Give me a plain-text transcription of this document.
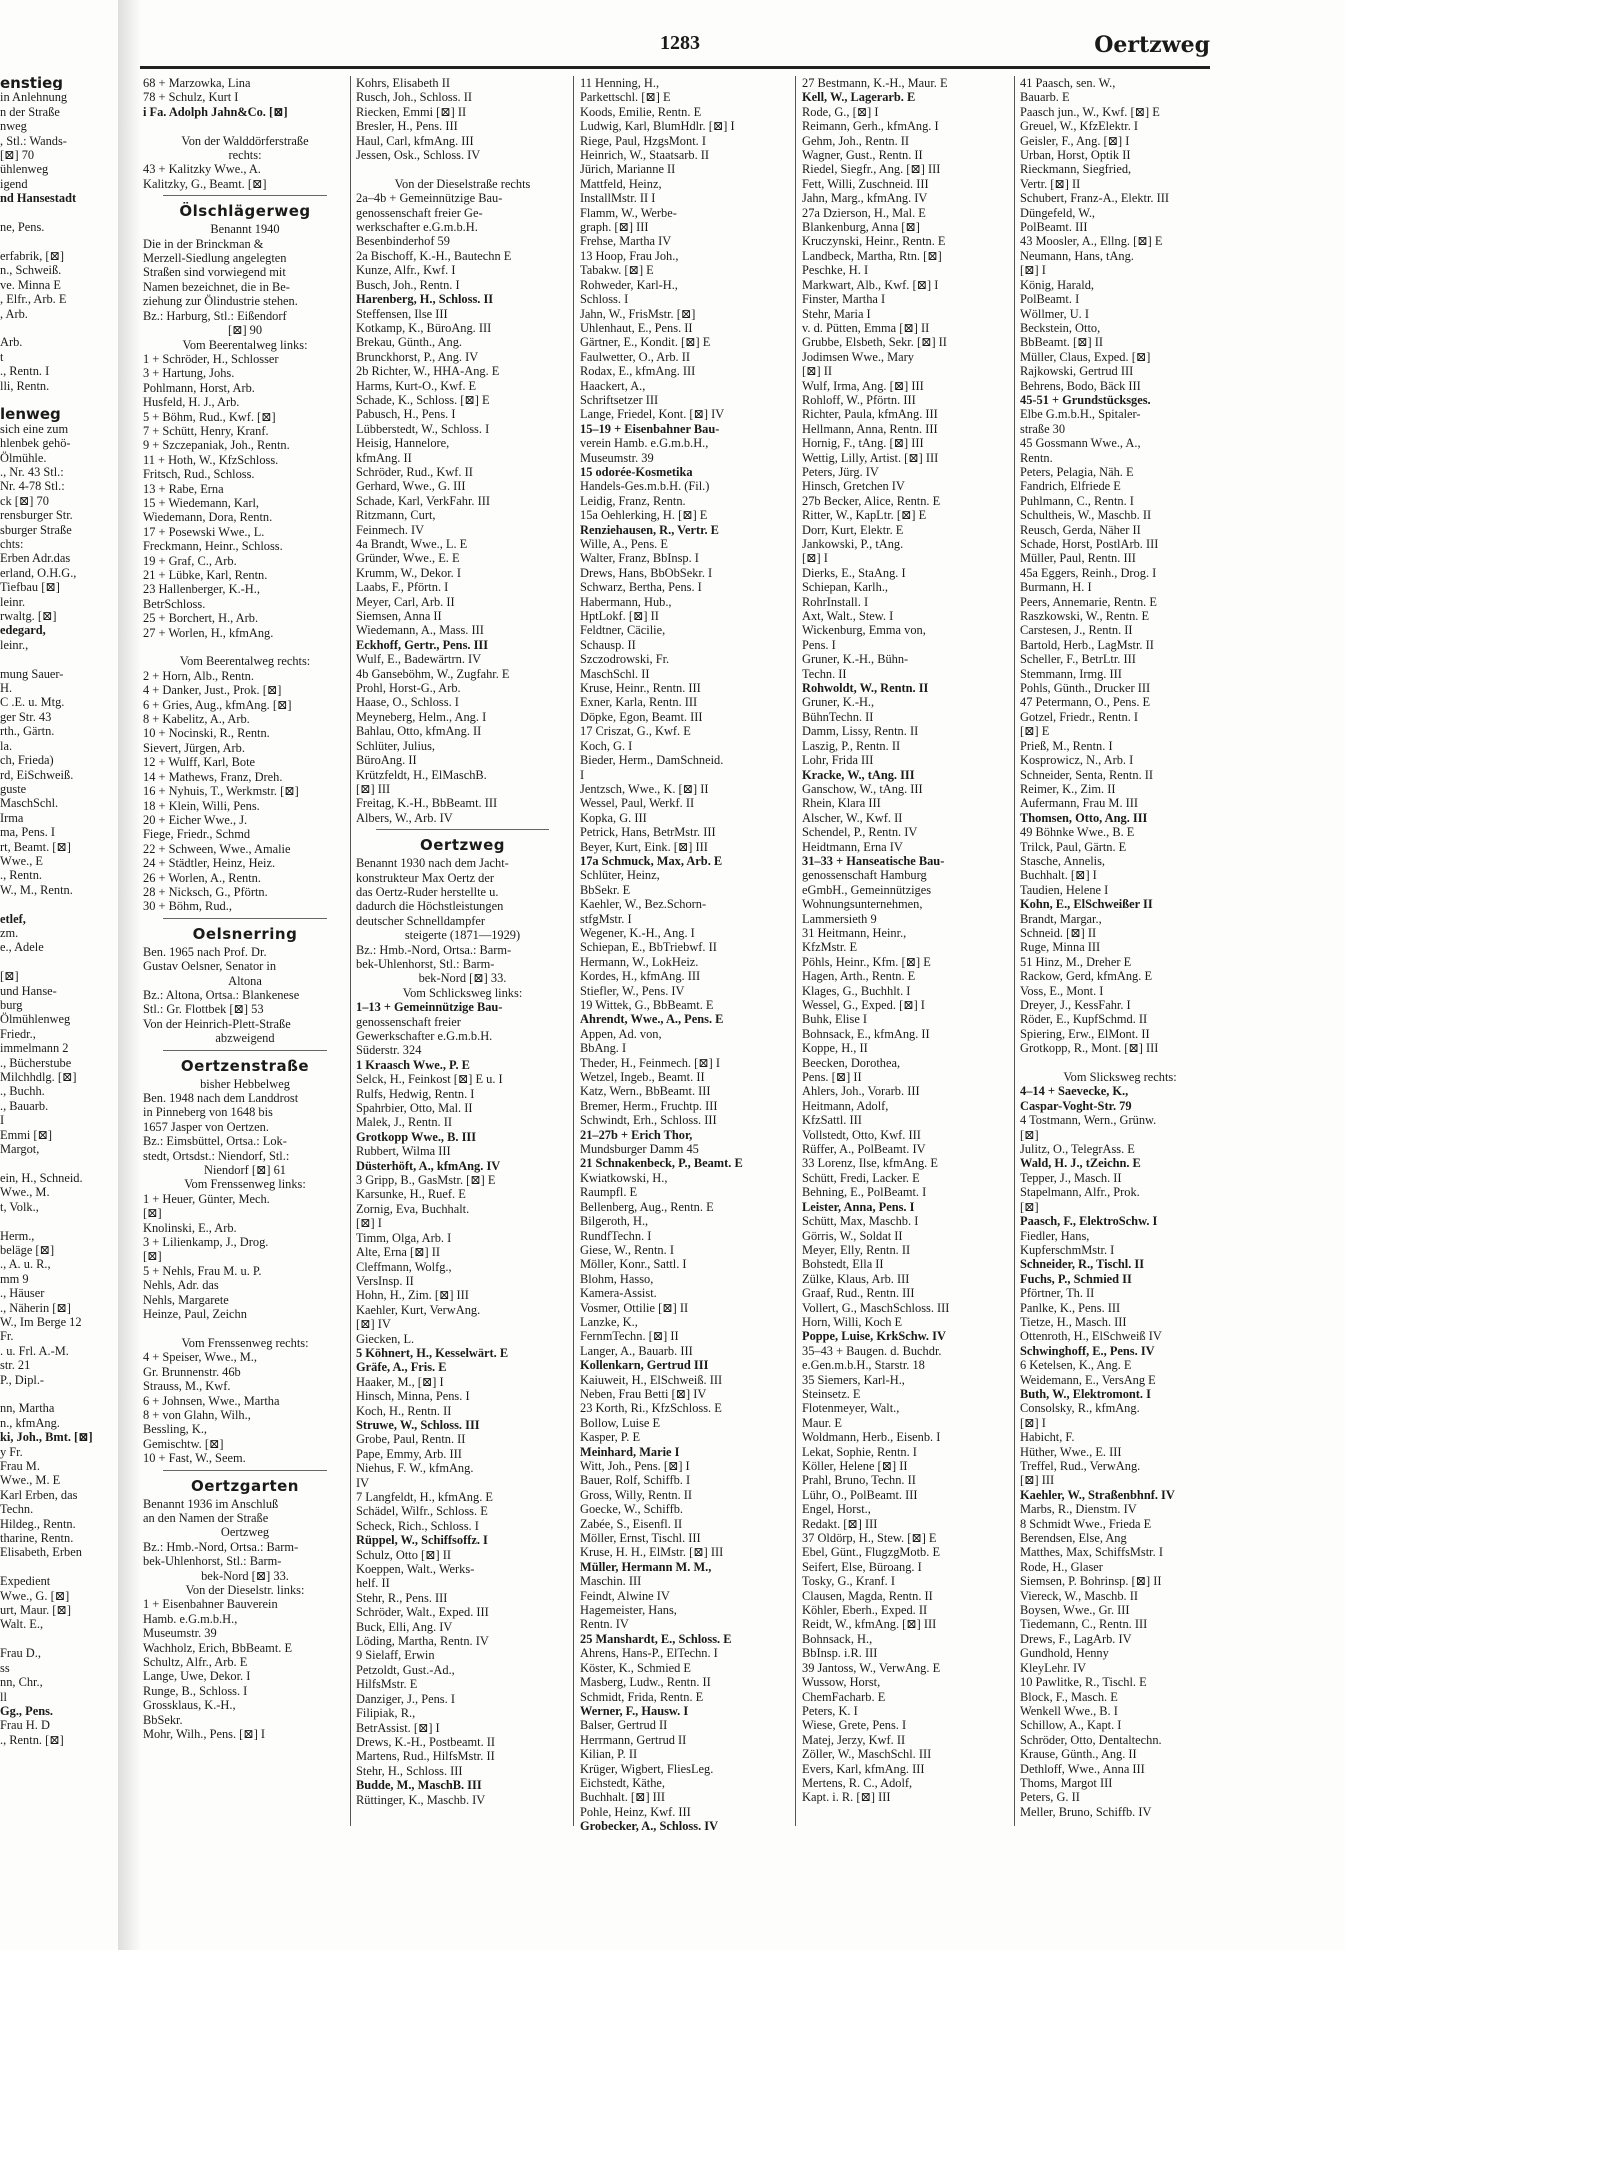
1283	Oertzweg
enstieg
in Anlehnung
n der Straße
nweg
, Stl.: Wands-
[⊠] 70
ühlenweg
igend
nd Hansestadt

ne, Pens.

erfabrik, [⊠]
n., Schweiß.
ve. Minna E
, Elfr., Arb. E
, Arb.

Arb.
t
., Rentn. I
lli, Rentn.

lenweg
sich eine zum
hlenbek gehö-
Ölmühle.
., Nr. 43 Stl.:
Nr. 4-78 Stl.:
ck [⊠] 70
rensburger Str.
sburger Straße
chts:
Erben Adr.das
erland, O.H.G.,
Tiefbau [⊠]
leinr.
rwaltg. [⊠]
edegard,
leinr.,

mung Sauer-
H.
C .E. u. Mtg.
ger Str. 43
rth., Gärtn.
la.
ch, Frieda)
rd, EiSchweiß.
guste
MaschSchl.
Irma
ma, Pens. I
rt, Beamt. [⊠]
Wwe., E
., Rentn.
W., M., Rentn.

etlef,
zm.
e., Adele

[⊠]
und Hanse-
burg
Ölmühlenweg
Friedr.,
immelmann 2
., Bücherstube
Milchhdlg. [⊠]
., Buchh.
., Bauarb.
I
Emmi [⊠]
Margot,

ein, H., Schneid.
Wwe., M.
t, Volk.,

Herm.,
beläge [⊠]
., A. u. R.,
mm 9
., Häuser
., Näherin [⊠]
W., Im Berge 12
Fr.
. u. Frl. A.-M.
str. 21
P., Dipl.-

nn, Martha
n., kfmAng.
ki, Joh., Bmt. [⊠]
y Fr.
Frau M.
Wwe., M. E
Karl Erben, das
Techn.
Hildeg., Rentn.
tharine, Rentn.
Elisabeth, Erben

Expedient
Wwe., G. [⊠]
urt, Maur. [⊠]
Walt. E.,

Frau D.,
ss
nn, Chr.,
ll
Gg., Pens.
Frau H. D
., Rentn. [⊠]
68 + Marzowka, Lina
78 + Schulz, Kurt I
i Fa. Adolph Jahn&Co. [⊠]

Von der Walddörferstraße
rechts:
43 + Kalitzky Wwe., A.
Kalitzky, G., Beamt. [⊠]
Ölschlägerweg
Benannt 1940
Die in der Brinckman &
Merzell-Siedlung angelegten
Straßen sind vorwiegend mit
Namen bezeichnet, die in Be-
ziehung zur Ölindustrie stehen.
Bz.: Harburg, Stl.: Eißendorf
[⊠] 90
Vom Beerentalweg links:
1 + Schröder, H., Schlosser
3 + Hartung, Johs.
Pohlmann, Horst, Arb.
Husfeld, H. J., Arb.
5 + Böhm, Rud., Kwf. [⊠]
7 + Schütt, Henry, Kranf.
9 + Szczepaniak, Joh., Rentn.
11 + Hoth, W., KfzSchloss.
Fritsch, Rud., Schloss.
13 + Rabe, Erna
15 + Wiedemann, Karl,
Wiedemann, Dora, Rentn.
17 + Posewski Wwe., L.
Freckmann, Heinr., Schloss.
19 + Graf, C., Arb.
21 + Lübke, Karl, Rentn.
23 Hallenberger, K.-H.,
BetrSchloss.
25 + Borchert, H., Arb.
27 + Worlen, H., kfmAng.

Vom Beerentalweg rechts:
2 + Horn, Alb., Rentn.
4 + Danker, Just., Prok. [⊠]
6 + Gries, Aug., kfmAng. [⊠]
8 + Kabelitz, A., Arb.
10 + Nocinski, R., Rentn.
Sievert, Jürgen, Arb.
12 + Wulff, Karl, Bote
14 + Mathews, Franz, Dreh.
16 + Nyhuis, T., Werkmstr. [⊠]
18 + Klein, Willi, Pens.
20 + Eicher Wwe., J.
Fiege, Friedr., Schmd
22 + Schween, Wwe., Amalie
24 + Städtler, Heinz, Heiz.
26 + Worlen, A., Rentn.
28 + Nicksch, G., Pförtn.
30 + Böhm, Rud.,
Oelsnerring
Ben. 1965 nach Prof. Dr.
Gustav Oelsner, Senator in
Altona
Bz.: Altona, Ortsa.: Blankenese
Stl.: Gr. Flottbek [⊠] 53
Von der Heinrich-Plett-Straße
abzweigend
Oertzenstraße
bisher Hebbelweg
Ben. 1948 nach dem Landdrost
in Pinneberg von 1648 bis
1657 Jasper von Oertzen.
Bz.: Eimsbüttel, Ortsa.: Lok-
stedt, Ortsdst.: Niendorf, Stl.:
Niendorf [⊠] 61
Vom Frenssenweg links:
1 + Heuer, Günter, Mech.
[⊠]
Knolinski, E., Arb.
3 + Lilienkamp, J., Drog.
[⊠]
5 + Nehls, Frau M. u. P.
Nehls, Adr. das
Nehls, Margarete
Heinze, Paul, Zeichn

Vom Frenssenweg rechts:
4 + Speiser, Wwe., M.,
Gr. Brunnenstr. 46b
Strauss, M., Kwf.
6 + Johnsen, Wwe., Martha
8 + von Glahn, Wilh.,
Bessling, K.,
Gemischtw. [⊠]
10 + Fast, W., Seem.
Oertzgarten
Benannt 1936 im Anschluß
an den Namen der Straße
Oertzweg
Bz.: Hmb.-Nord, Ortsa.: Barm-
bek-Uhlenhorst, Stl.: Barm-
bek-Nord [⊠] 33.
Von der Dieselstr. links:
1 + Eisenbahner Bauverein
Hamb. e.G.m.b.H.,
Museumstr. 39
Wachholz, Erich, BbBeamt. E
Schultz, Alfr., Arb. E
Lange, Uwe, Dekor. I
Runge, B., Schloss. I
Grossklaus, K.-H.,
BbSekr.
Mohr, Wilh., Pens. [⊠] I
Kohrs, Elisabeth II
Rusch, Joh., Schloss. II
Riecken, Emmi [⊠] II
Bresler, H., Pens. III
Haul, Carl, kfmAng. III
Jessen, Osk., Schloss. IV

Von der Dieselstraße rechts
2a–4b + Gemeinnützige Bau-
genossenschaft freier Ge-
werkschafter e.G.m.b.H.
Besenbinderhof 59
2a Bischoff, K.-H., Bautechn E
Kunze, Alfr., Kwf. I
Busch, Joh., Rentn. I
Harenberg, H., Schloss. II
Steffensen, Ilse III
Kotkamp, K., BüroAng. III
Brekau, Günth., Ang.
Brunckhorst, P., Ang. IV
2b Richter, W., HHA-Ang. E
Harms, Kurt-O., Kwf. E
Schade, K., Schloss. [⊠] E
Pabusch, H., Pens. I
Lübberstedt, W., Schloss. I
Heisig, Hannelore,
kfmAng. II
Schröder, Rud., Kwf. II
Gerhard, Wwe., G. III
Schade, Karl, VerkFahr. III
Ritzmann, Curt,
Feinmech. IV
4a Brandt, Wwe., L. E
Gründer, Wwe., E. E
Krumm, W., Dekor. I
Laabs, F., Pförtn. I
Meyer, Carl, Arb. II
Siemsen, Anna II
Wiedemann, A., Mass. III
Eckhoff, Gertr., Pens. III
Wulf, E., Badewärtrn. IV
4b Ganseböhm, W., Zugfahr. E
Prohl, Horst-G., Arb.
Haase, O., Schloss. I
Meyneberg, Helm., Ang. I
Bahlau, Otto, kfmAng. II
Schlüter, Julius,
BüroAng. II
Krützfeldt, H., ElMaschB.
[⊠] III
Freitag, K.-H., BbBeamt. III
Albers, W., Arb. IV
Oertzweg
Benannt 1930 nach dem Jacht-
konstrukteur Max Oertz der
das Oertz-Ruder herstellte u.
dadurch die Höchstleistungen
deutscher Schnelldampfer
steigerte (1871—1929)
Bz.: Hmb.-Nord, Ortsa.: Barm-
bek-Uhlenhorst, Stl.: Barm-
bek-Nord [⊠] 33.
Vom Schlicksweg links:
1–13 + Gemeinnützige Bau-
genossenschaft freier
Gewerkschafter e.G.m.b.H.
Süderstr. 324
1 Kraasch Wwe., P. E
Selck, H., Feinkost [⊠] E u. I
Rulfs, Hedwig, Rentn. I
Spahrbier, Otto, Mal. II
Malek, J., Rentn. II
Grotkopp Wwe., B. III
Rubbert, Wilma III
Düsterhöft, A., kfmAng. IV
3 Gripp, B., GasMstr. [⊠] E
Karsunke, H., Ruef. E
Zornig, Eva, Buchhalt.
[⊠] I
Timm, Olga, Arb. I
Alte, Erna [⊠] II
Cleffmann, Wolfg.,
VersInsp. II
Hohn, H., Zim. [⊠] III
Kaehler, Kurt, VerwAng.
[⊠] IV
Giecken, L.
5 Köhnert, H., Kesselwärt. E
Gräfe, A., Fris. E
Haaker, M., [⊠] I
Hinsch, Minna, Pens. I
Koch, H., Rentn. II
Struwe, W., Schloss. III
Grobe, Paul, Rentn. II
Pape, Emmy, Arb. III
Niehus, F. W., kfmAng.
IV
7 Langfeldt, H., kfmAng. E
Schädel, Wilfr., Schloss. E
Scheck, Rich., Schloss. I
Rüppel, W., Schiffsoffz. I
Schulz, Otto [⊠] II
Koeppen, Walt., Werks-
helf. II
Stehr, R., Pens. III
Schröder, Walt., Exped. III
Buck, Elli, Ang. IV
Löding, Martha, Rentn. IV
9 Sielaff, Erwin
Petzoldt, Gust.-Ad.,
HilfsMstr. E
Danziger, J., Pens. I
Filipiak, R.,
BetrAssist. [⊠] I
Drews, K.-H., Postbeamt. II
Martens, Rud., HilfsMstr. II
Stehr, H., Schloss. III
Budde, M., MaschB. III
Rüttinger, K., Maschb. IV
11 Henning, H.,
Parkettschl. [⊠] E
Koods, Emilie, Rentn. E
Ludwig, Karl, BlumHdlr. [⊠] I
Riege, Paul, HzgsMont. I
Heinrich, W., Staatsarb. II
Jürich, Marianne II
Mattfeld, Heinz,
InstallMstr. II I
Flamm, W., Werbe-
graph. [⊠] III
Frehse, Martha IV
13 Hoop, Frau Joh.,
Tabakw. [⊠] E
Rohweder, Karl-H.,
Schloss. I
Jahn, W., FrisMstr. [⊠]
Uhlenhaut, E., Pens. II
Gärtner, E., Kondit. [⊠] E
Faulwetter, O., Arb. II
Rodax, E., kfmAng. III
Haackert, A.,
Schriftsetzer III
Lange, Friedel, Kont. [⊠] IV
15–19 + Eisenbahner Bau-
verein Hamb. e.G.m.b.H.,
Museumstr. 39
15 odorée-Kosmetika
Handels-Ges.m.b.H. (Fil.)
Leidig, Franz, Rentn.
15a Oehlerking, H. [⊠] E
Renziehausen, R., Vertr. E
Wille, A., Pens. E
Walter, Franz, BbInsp. I
Drews, Hans, BbObSekr. I
Schwarz, Bertha, Pens. I
Habermann, Hub.,
HptLokf. [⊠] II
Feldtner, Cäcilie,
Schausp. II
Szczodrowski, Fr.
MaschSchl. II
Kruse, Heinr., Rentn. III
Exner, Karla, Rentn. III
Döpke, Egon, Beamt. III
17 Criszat, G., Kwf. E
Koch, G. I
Bieder, Herm., DamSchneid.
I
Jentzsch, Wwe., K. [⊠] II
Wessel, Paul, Werkf. II
Kopka, G. III
Petrick, Hans, BetrMstr. III
Beyer, Kurt, Eink. [⊠] III
17a Schmuck, Max, Arb. E
Schlüter, Heinz,
BbSekr. E
Kaehler, W., Bez.Schorn-
stfgMstr. I
Wegener, K.-H., Ang. I
Schiepan, E., BbTriebwf. II
Hermann, W., LokHeiz.
Kordes, H., kfmAng. III
Stiefler, W., Pens. IV
19 Wittek, G., BbBeamt. E
Ahrendt, Wwe., A., Pens. E
Appen, Ad. von,
BbAng. I
Theder, H., Feinmech. [⊠] I
Wetzel, Ingeb., Beamt. II
Katz, Wern., BbBeamt. III
Bremer, Herm., Fruchtp. III
Schwindt, Erh., Schloss. III
21–27b + Erich Thor,
Mundsburger Damm 45
21 Schnakenbeck, P., Beamt. E
Kwiatkowski, H.,
Raumpfl. E
Bellenberg, Aug., Rentn. E
Bilgeroth, H.,
RundfTechn. I
Giese, W., Rentn. I
Möller, Konr., Sattl. I
Blohm, Hasso,
Kamera-Assist.
Vosmer, Ottilie [⊠] II
Lanzke, K.,
FernmTechn. [⊠] II
Langer, A., Bauarb. III
Kollenkarn, Gertrud III
Kaiuweit, H., ElSchweiß. III
Neben, Frau Betti [⊠] IV
23 Korth, Ri., KfzSchloss. E
Bollow, Luise E
Kasper, P. E
Meinhard, Marie I
Witt, Joh., Pens. [⊠] I
Bauer, Rolf, Schiffb. I
Gross, Willy, Rentn. II
Goecke, W., Schiffb.
Zabée, S., Eisenfl. II
Möller, Ernst, Tischl. III
Kruse, H. H., ElMstr. [⊠] III
Müller, Hermann M. M.,
Maschin. III
Feindt, Alwine IV
Hagemeister, Hans,
Rentn. IV
25 Manshardt, E., Schloss. E
Ahrens, Hans-P., ElTechn. I
Köster, K., Schmied E
Masberg, Ludw., Rentn. II
Schmidt, Frida, Rentn. E
Werner, F., Hausw. I
Balser, Gertrud II
Herrmann, Gertrud II
Kilian, P. II
Krüger, Wigbert, FliesLeg.
Eichstedt, Käthe,
Buchhalt. [⊠] III
Pohle, Heinz, Kwf. III
Grobecker, A., Schloss. IV
27 Bestmann, K.-H., Maur. E
Kell, W., Lagerarb. E
Rode, G., [⊠] I
Reimann, Gerh., kfmAng. I
Gehm, Joh., Rentn. II
Wagner, Gust., Rentn. II
Riedel, Siegfr., Ang. [⊠] III
Fett, Willi, Zuschneid. III
Jahn, Marg., kfmAng. IV
27a Dzierson, H., Mal. E
Blankenburg, Anna [⊠]
Kruczynski, Heinr., Rentn. E
Landbeck, Martha, Rtn. [⊠]
Peschke, H. I
Markwart, Alb., Kwf. [⊠] I
Finster, Martha I
Stehr, Maria I
v. d. Pütten, Emma [⊠] II
Grubbe, Elsbeth, Sekr. [⊠] II
Jodimsen Wwe., Mary
[⊠] II
Wulf, Irma, Ang. [⊠] III
Rohloff, W., Pförtn. III
Richter, Paula, kfmAng. III
Hellmann, Anna, Rentn. III
Hornig, F., tAng. [⊠] III
Wettig, Lilly, Artist. [⊠] III
Peters, Jürg. IV
Hinsch, Gretchen IV
27b Becker, Alice, Rentn. E
Ritter, W., KapLtr. [⊠] E
Dorr, Kurt, Elektr. E
Jankowski, P., tAng.
[⊠] I
Dierks, E., StaAng. I
Schiepan, Karlh.,
RohrInstall. I
Axt, Walt., Stew. I
Wickenburg, Emma von,
Pens. I
Gruner, K.-H., Bühn-
Techn. II
Rohwoldt, W., Rentn. II
Gruner, K.-H.,
BühnTechn. II
Damm, Lissy, Rentn. II
Laszig, P., Rentn. II
Lohr, Frida III
Kracke, W., tAng. III
Ganschow, W., tAng. III
Rhein, Klara III
Alscher, W., Kwf. II
Schendel, P., Rentn. IV
Heidtmann, Erna IV
31–33 + Hanseatische Bau-
genossenschaft Hamburg
eGmbH., Gemeinnütziges
Wohnungsunternehmen,
Lammersieth 9
31 Heitmann, Heinr.,
KfzMstr. E
Pöhls, Heinr., Kfm. [⊠] E
Hagen, Arth., Rentn. E
Klages, G., Buchhlt. I
Wessel, G., Exped. [⊠] I
Buhk, Elise I
Bohnsack, E., kfmAng. II
Koppe, H., II
Beecken, Dorothea,
Pens. [⊠] II
Ahlers, Joh., Vorarb. III
Heitmann, Adolf,
KfzSattl. III
Vollstedt, Otto, Kwf. III
Rüffer, A., PolBeamt. IV
33 Lorenz, Ilse, kfmAng. E
Schütt, Fredi, Lacker. E
Behning, E., PolBeamt. I
Leister, Anna, Pens. I
Schütt, Max, Maschb. I
Görris, W., Soldat II
Meyer, Elly, Rentn. II
Bohstedt, Ella II
Zülke, Klaus, Arb. III
Graaf, Rud., Rentn. III
Vollert, G., MaschSchloss. III
Horn, Willi, Koch E
Poppe, Luise, KrkSchw. IV
35–43 + Baugen. d. Buchdr.
e.Gen.m.b.H., Starstr. 18
35 Siemers, Karl-H.,
Steinsetz. E
Flotenmeyer, Walt.,
Maur. E
Woldmann, Herb., Eisenb. I
Lekat, Sophie, Rentn. I
Köller, Helene [⊠] II
Prahl, Bruno, Techn. II
Lühr, O., PolBeamt. III
Engel, Horst.,
Redakt. [⊠] III
37 Oldörp, H., Stew. [⊠] E
Ebel, Günt., FlugzgMotb. E
Seifert, Else, Büroang. I
Tosky, G., Kranf. I
Clausen, Magda, Rentn. II
Köhler, Eberh., Exped. II
Reidt, W., kfmAng. [⊠] III
Bohnsack, H.,
BbInsp. i.R. III
39 Jantoss, W., VerwAng. E
Wussow, Horst,
ChemFacharb. E
Peters, K. I
Wiese, Grete, Pens. I
Matej, Jerzy, Kwf. II
Zöller, W., MaschSchl. III
Evers, Karl, kfmAng. III
Mertens, R. C., Adolf,
Kapt. i. R. [⊠] III
41 Paasch, sen. W.,
Bauarb. E
Paasch jun., W., Kwf. [⊠] E
Greuel, W., KfzElektr. I
Geisler, F., Ang. [⊠] I
Urban, Horst, Optik II
Rieckmann, Siegfried,
Vertr. [⊠] II
Schubert, Franz-A., Elektr. III
Düngefeld, W.,
PolBeamt. III
43 Moosler, A., Ellng. [⊠] E
Neumann, Hans, tAng.
[⊠] I
König, Harald,
PolBeamt. I
Wöllmer, U. I
Beckstein, Otto,
BbBeamt. [⊠] II
Müller, Claus, Exped. [⊠]
Rajkowski, Gertrud III
Behrens, Bodo, Bäck III
45-51 + Grundstücksges.
Elbe G.m.b.H., Spitaler-
straße 30
45 Gossmann Wwe., A.,
Rentn.
Peters, Pelagia, Näh. E
Fandrich, Elfriede E
Puhlmann, C., Rentn. I
Schultheis, W., Maschb. II
Reusch, Gerda, Näher II
Schade, Horst, PostlArb. III
Müller, Paul, Rentn. III
45a Eggers, Reinh., Drog. I
Burmann, H. I
Peers, Annemarie, Rentn. E
Raszkowski, W., Rentn. E
Carstesen, J., Rentn. II
Bartold, Herb., LagMstr. II
Scheller, F., BetrLtr. III
Stemmann, Irmg. III
Pohls, Günth., Drucker III
47 Petermann, O., Pens. E
Gotzel, Friedr., Rentn. I
[⊠] E
Prieß, M., Rentn. I
Kosprowicz, N., Arb. I
Schneider, Senta, Rentn. II
Reimer, K., Zim. II
Aufermann, Frau M. III
Thomsen, Otto, Ang. III
49 Böhnke Wwe., B. E
Trilck, Paul, Gärtn. E
Stasche, Annelis,
Buchhalt. [⊠] I
Taudien, Helene I
Kohn, E., ElSchweißer II
Brandt, Margar.,
Schneid. [⊠] II
Ruge, Minna III
51 Hinz, M., Dreher E
Rackow, Gerd, kfmAng. E
Voss, E., Mont. I
Dreyer, J., KessFahr. I
Röder, E., KupfSchmd. II
Spiering, Erw., ElMont. II
Grotkopp, R., Mont. [⊠] III

Vom Slicksweg rechts:
4–14 + Saevecke, K.,
Caspar-Voght-Str. 79
4 Tostmann, Wern., Grünw.
[⊠]
Julitz, O., TelegrAss. E
Wald, H. J., tZeichn. E
Tepper, J., Masch. II
Stapelmann, Alfr., Prok.
[⊠]
Paasch, F., ElektroSchw. I
Fiedler, Hans,
KupferschmMstr. I
Schneider, R., Tischl. II
Fuchs, P., Schmied II
Pförtner, Th. II
Panlke, K., Pens. III
Tietze, H., Masch. III
Ottenroth, H., ElSchweiß IV
Schwinghoff, E., Pens. IV
6 Ketelsen, K., Ang. E
Weidemann, E., VersAng E
Buth, W., Elektromont. I
Consolsky, R., kfmAng.
[⊠] I
Habicht, F.
Hüther, Wwe., E. III
Treffel, Rud., VerwAng.
[⊠] III
Kaehler, W., Straßenbhnf. IV
Marbs, R., Dienstm. IV
8 Schmidt Wwe., Frieda E
Berendsen, Else, Ang
Matthes, Max, SchiffsMstr. I
Rode, H., Glaser
Siemsen, P. Bohrinsp. [⊠] II
Viereck, W., Maschb. II
Boysen, Wwe., Gr. III
Tiedemann, C., Rentn. III
Drews, F., LagArb. IV
Gundhold, Henny
KleyLehr. IV
10 Pawlitke, R., Tischl. E
Block, F., Masch. E
Wenkell Wwe., B. I
Schillow, A., Kapt. I
Schröder, Otto, Dentaltechn.
Krause, Günth., Ang. II
Dethloff, Wwe., Anna III
Thoms, Margot III
Peters, G. II
Meller, Bruno, Schiffb. IV
